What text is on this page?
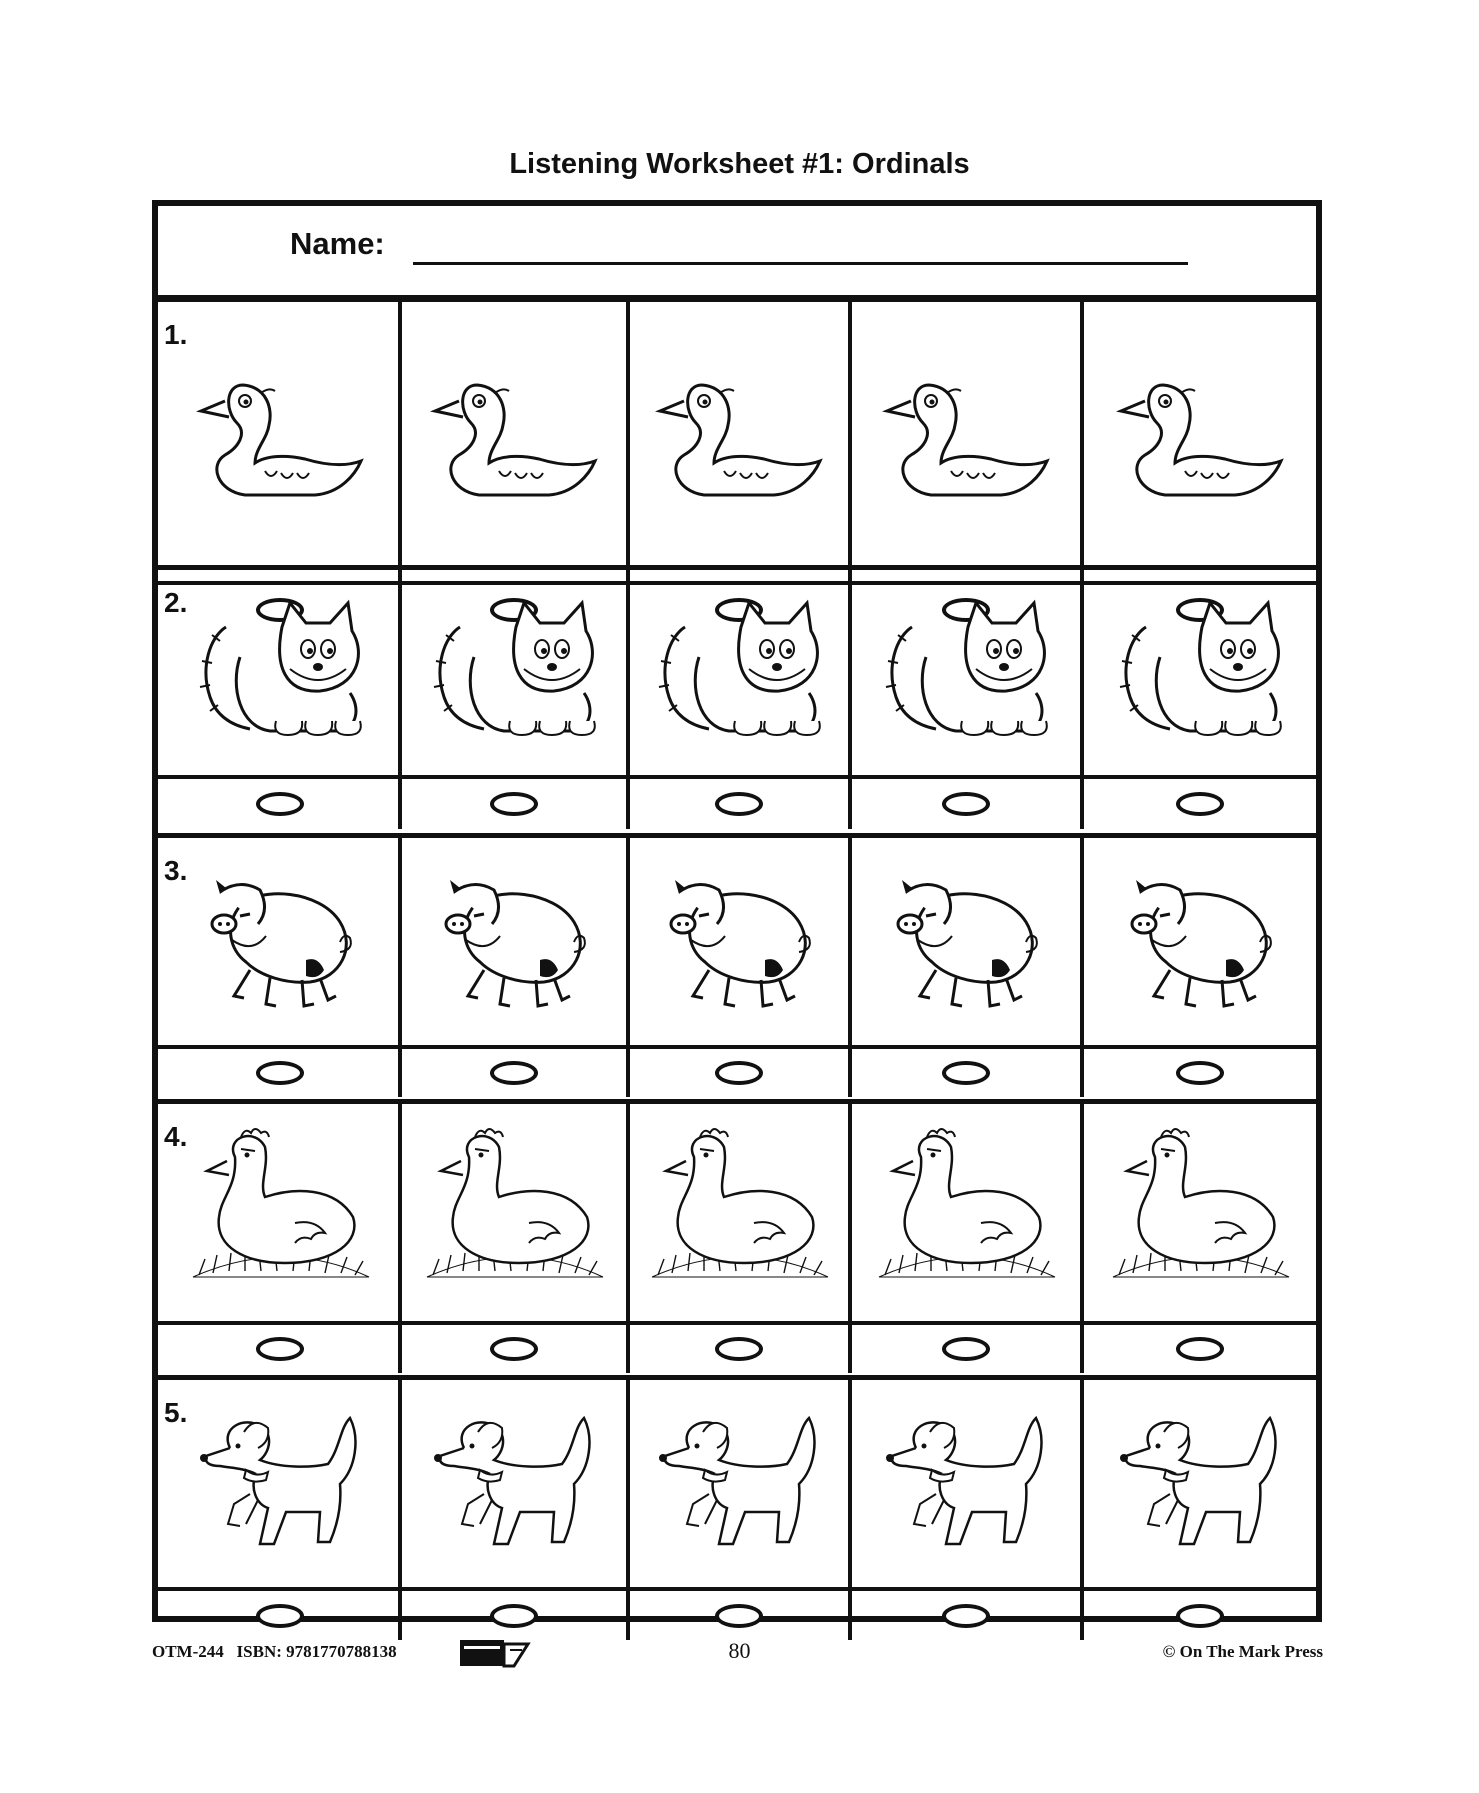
Listening Worksheet #1: Ordinals
Name:
1.
2.
3.
4.
5.
OTM-244 ISBN: 9781770788138	80	© On The Mark Press
